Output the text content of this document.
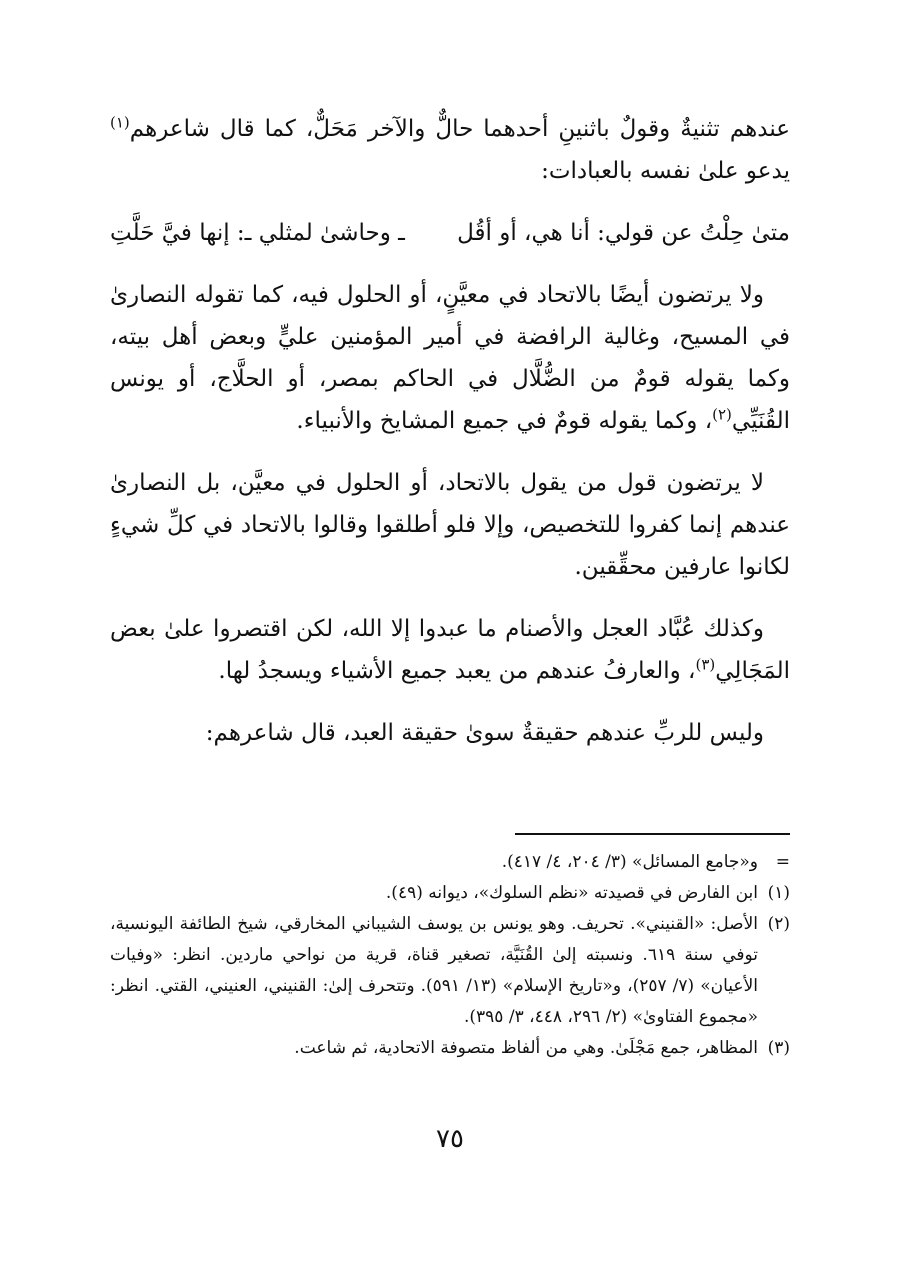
عندهم تثنيةٌ وقولٌ باثنينِ أحدهما حالٌّ والآخر مَحَلٌّ، كما قال شاعرهم$^{(١)}$ يدعو علىٰ نفسه بالعبادات:

متىٰ حِلْتُ عن قولي: أنا هي، أو أقُل
ـ وحاشىٰ لمثلي ـ: إنها فيَّ حَلَّتِ

ولا يرتضون أيضًا بالاتحاد في معيَّنٍ، أو الحلول فيه، كما تقوله النصارىٰ في المسيح، وغالية الرافضة في أمير المؤمنين عليٍّ وبعض أهل بيته، وكما يقوله قومٌ من الضُّلَّال في الحاكم بمصر، أو الحلَّاج، أو يونس القُنَيِّي$^{(٢)}$، وكما يقوله قومٌ في جميع المشايخ والأنبياء.

لا يرتضون قول من يقول بالاتحاد، أو الحلول في معيَّن، بل النصارىٰ عندهم إنما كفروا للتخصيص، وإلا فلو أطلقوا وقالوا بالاتحاد في كلِّ شيءٍ لكانوا عارفين محقِّقين.

وكذلك عُبَّاد العجل والأصنام ما عبدوا إلا الله، لكن اقتصروا علىٰ بعض المَجَالِي$^{(٣)}$، والعارفُ عندهم من يعبد جميع الأشياء ويسجدُ لها.

وليس للربِّ عندهم حقيقةٌ سوىٰ حقيقة العبد، قال شاعرهم:

=
و«جامع المسائل» (٣/ ٢٠٤، ٤/ ٤١٧).
(١)
ابن الفارض في قصيدته «نظم السلوك»، ديوانه (٤٩).
(٢)
الأصل: «القنيني». تحريف. وهو يونس بن يوسف الشيباني المخارقي، شيخ الطائفة اليونسية، توفي سنة ٦١٩. ونسبته إلىٰ القُنَيَّة، تصغير قناة، قرية من نواحي ماردين. انظر: «وفيات الأعيان» (٧/ ٢٥٧)، و«تاريخ الإسلام» (١٣/ ٥٩١). وتتحرف إلىٰ: القنيني، العنيني، القتي. انظر: «مجموع الفتاوىٰ» (٢/ ٢٩٦، ٤٤٨، ٣/ ٣٩٥).
(٣)
المظاهر، جمع مَجْلَىٰ. وهي من ألفاظ متصوفة الاتحادية، ثم شاعت.
٧٥
